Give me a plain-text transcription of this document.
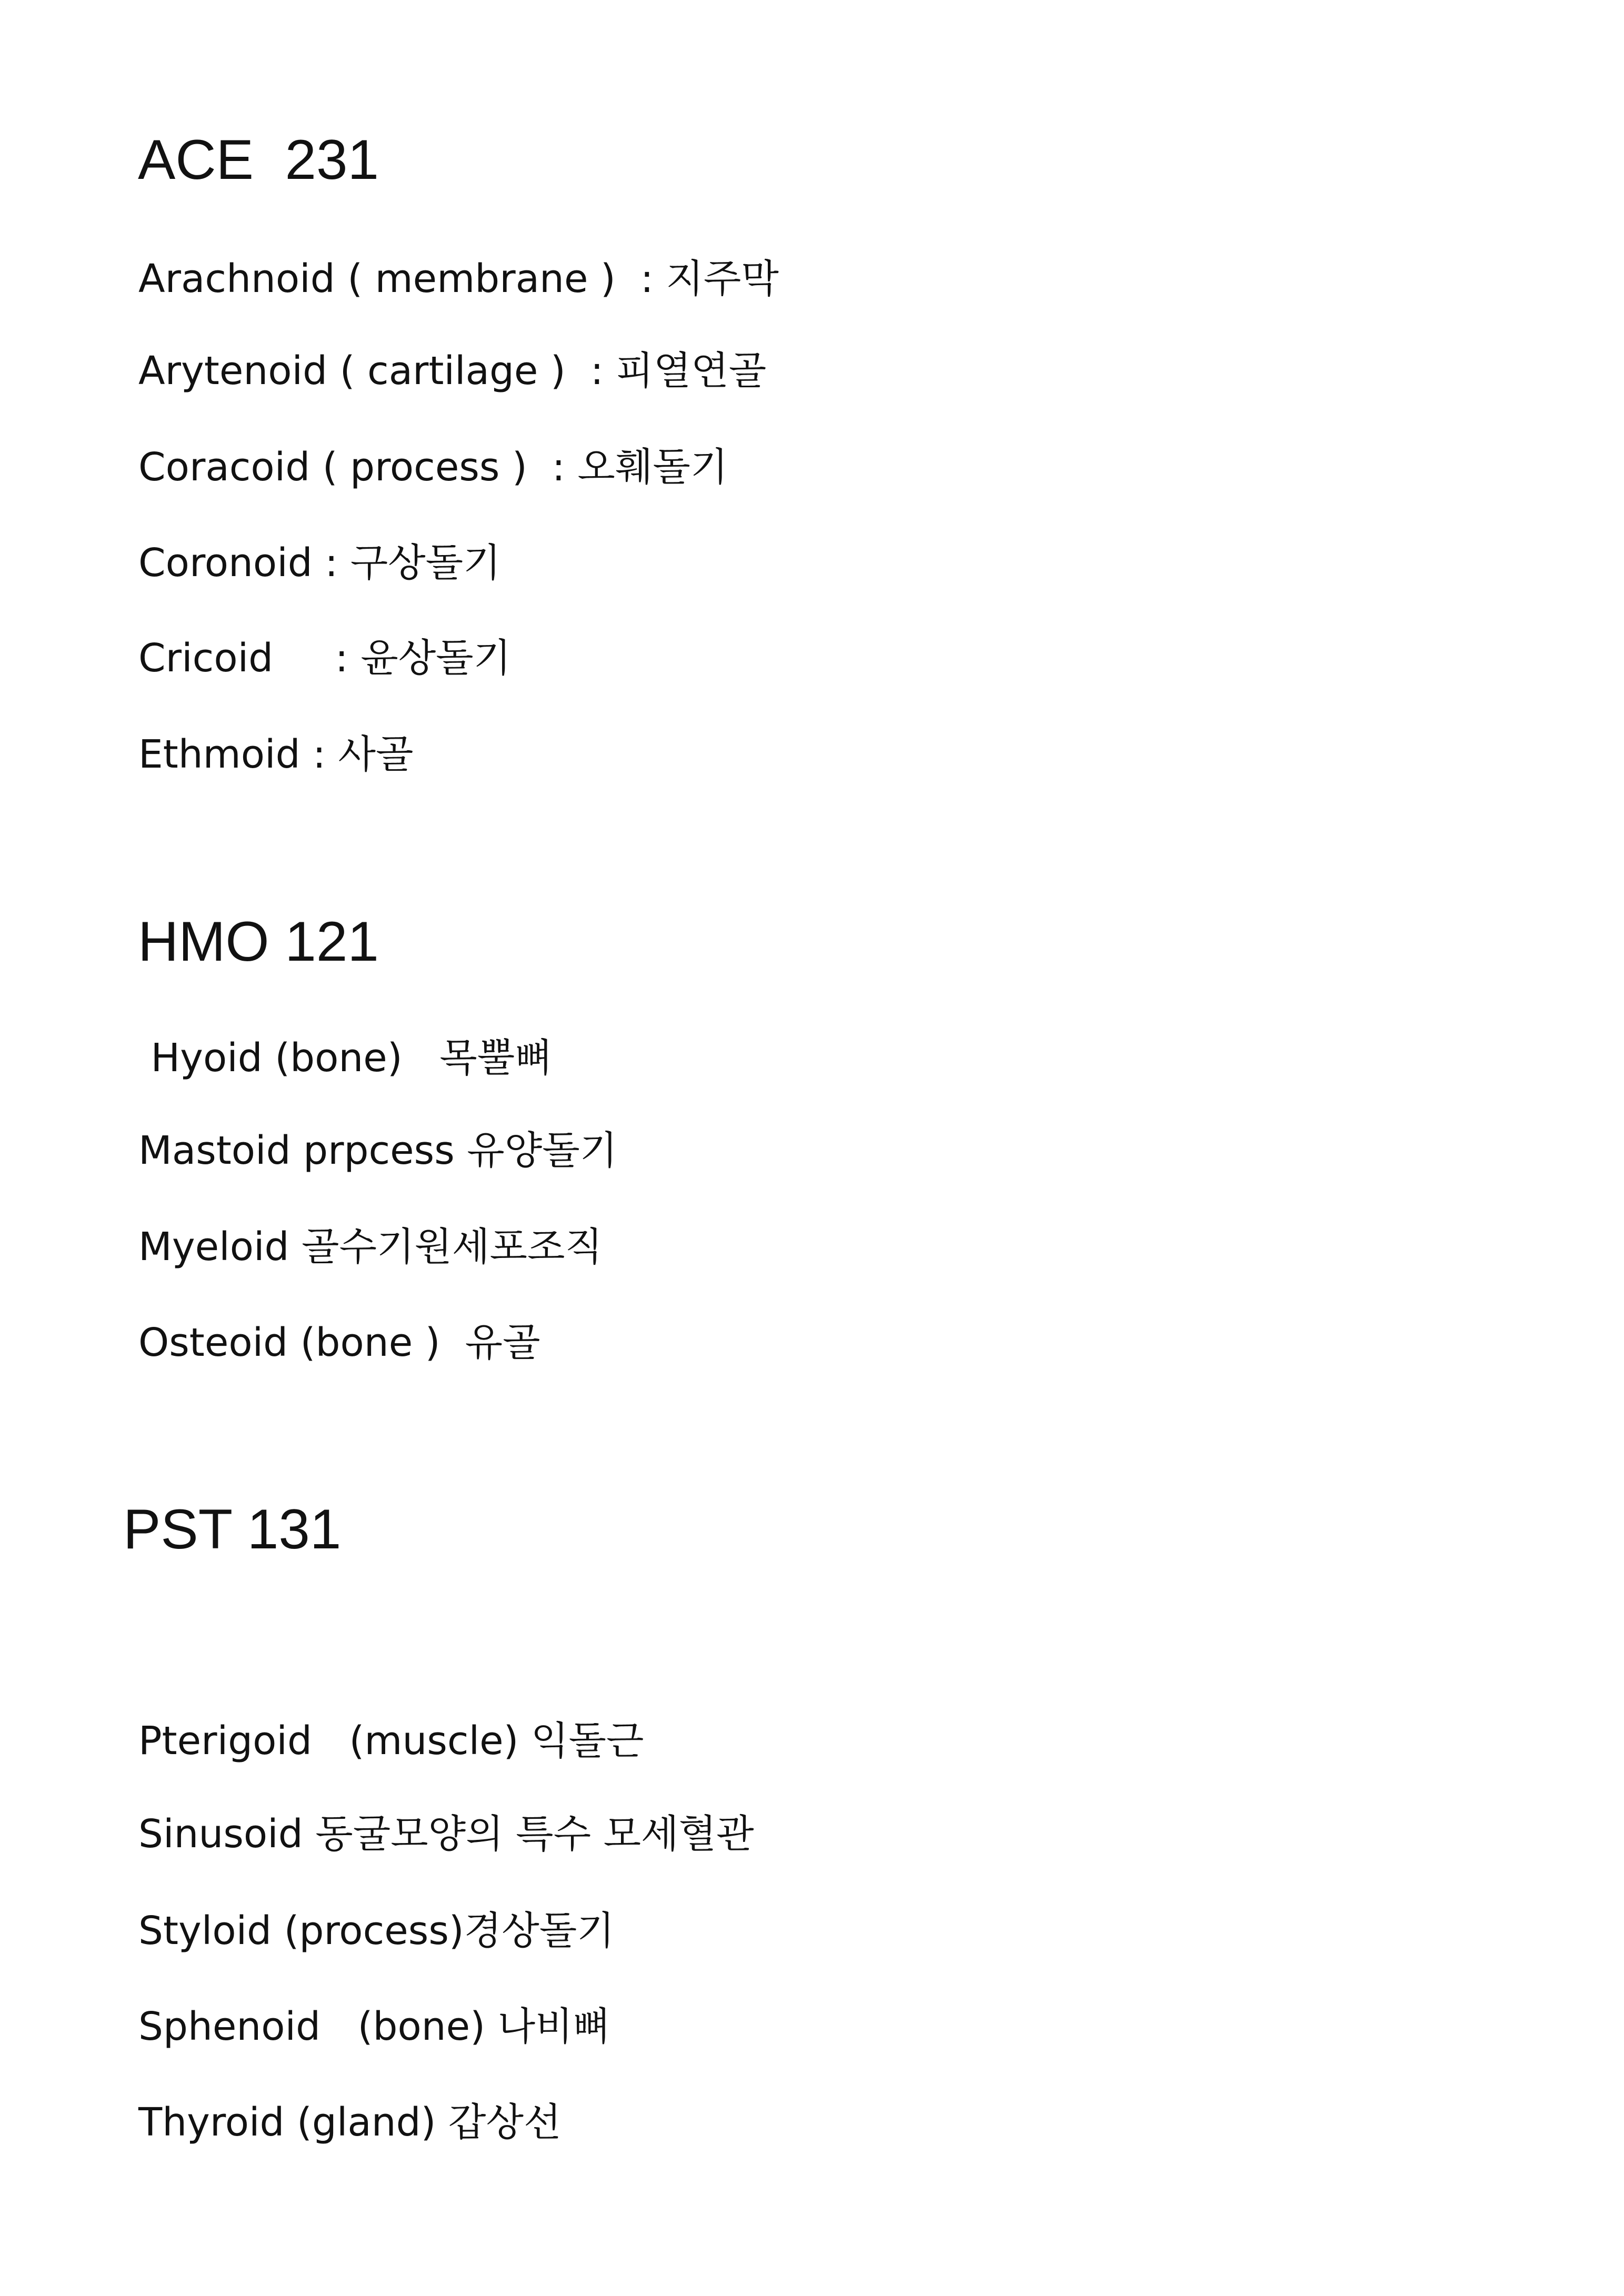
ACE  231

Arachnoid ( membrane )  : 지주막

Arytenoid ( cartilage )  : 피열연골

Coracoid ( process )  : 오훼돌기

Coronoid : 구상돌기

Cricoid     : 윤상돌기

Ethmoid : 사골

HMO 121

Hyoid (bone)   목뿔뼈

Mastoid prpcess 유양돌기

Myeloid 골수기원세포조직

Osteoid (bone )  유골

PST 131

Pterigoid   (muscle) 익돌근

Sinusoid 동굴모양의 특수 모세혈관

Styloid (process)경상돌기

Sphenoid   (bone) 나비뼈

Thyroid (gland) 갑상선
